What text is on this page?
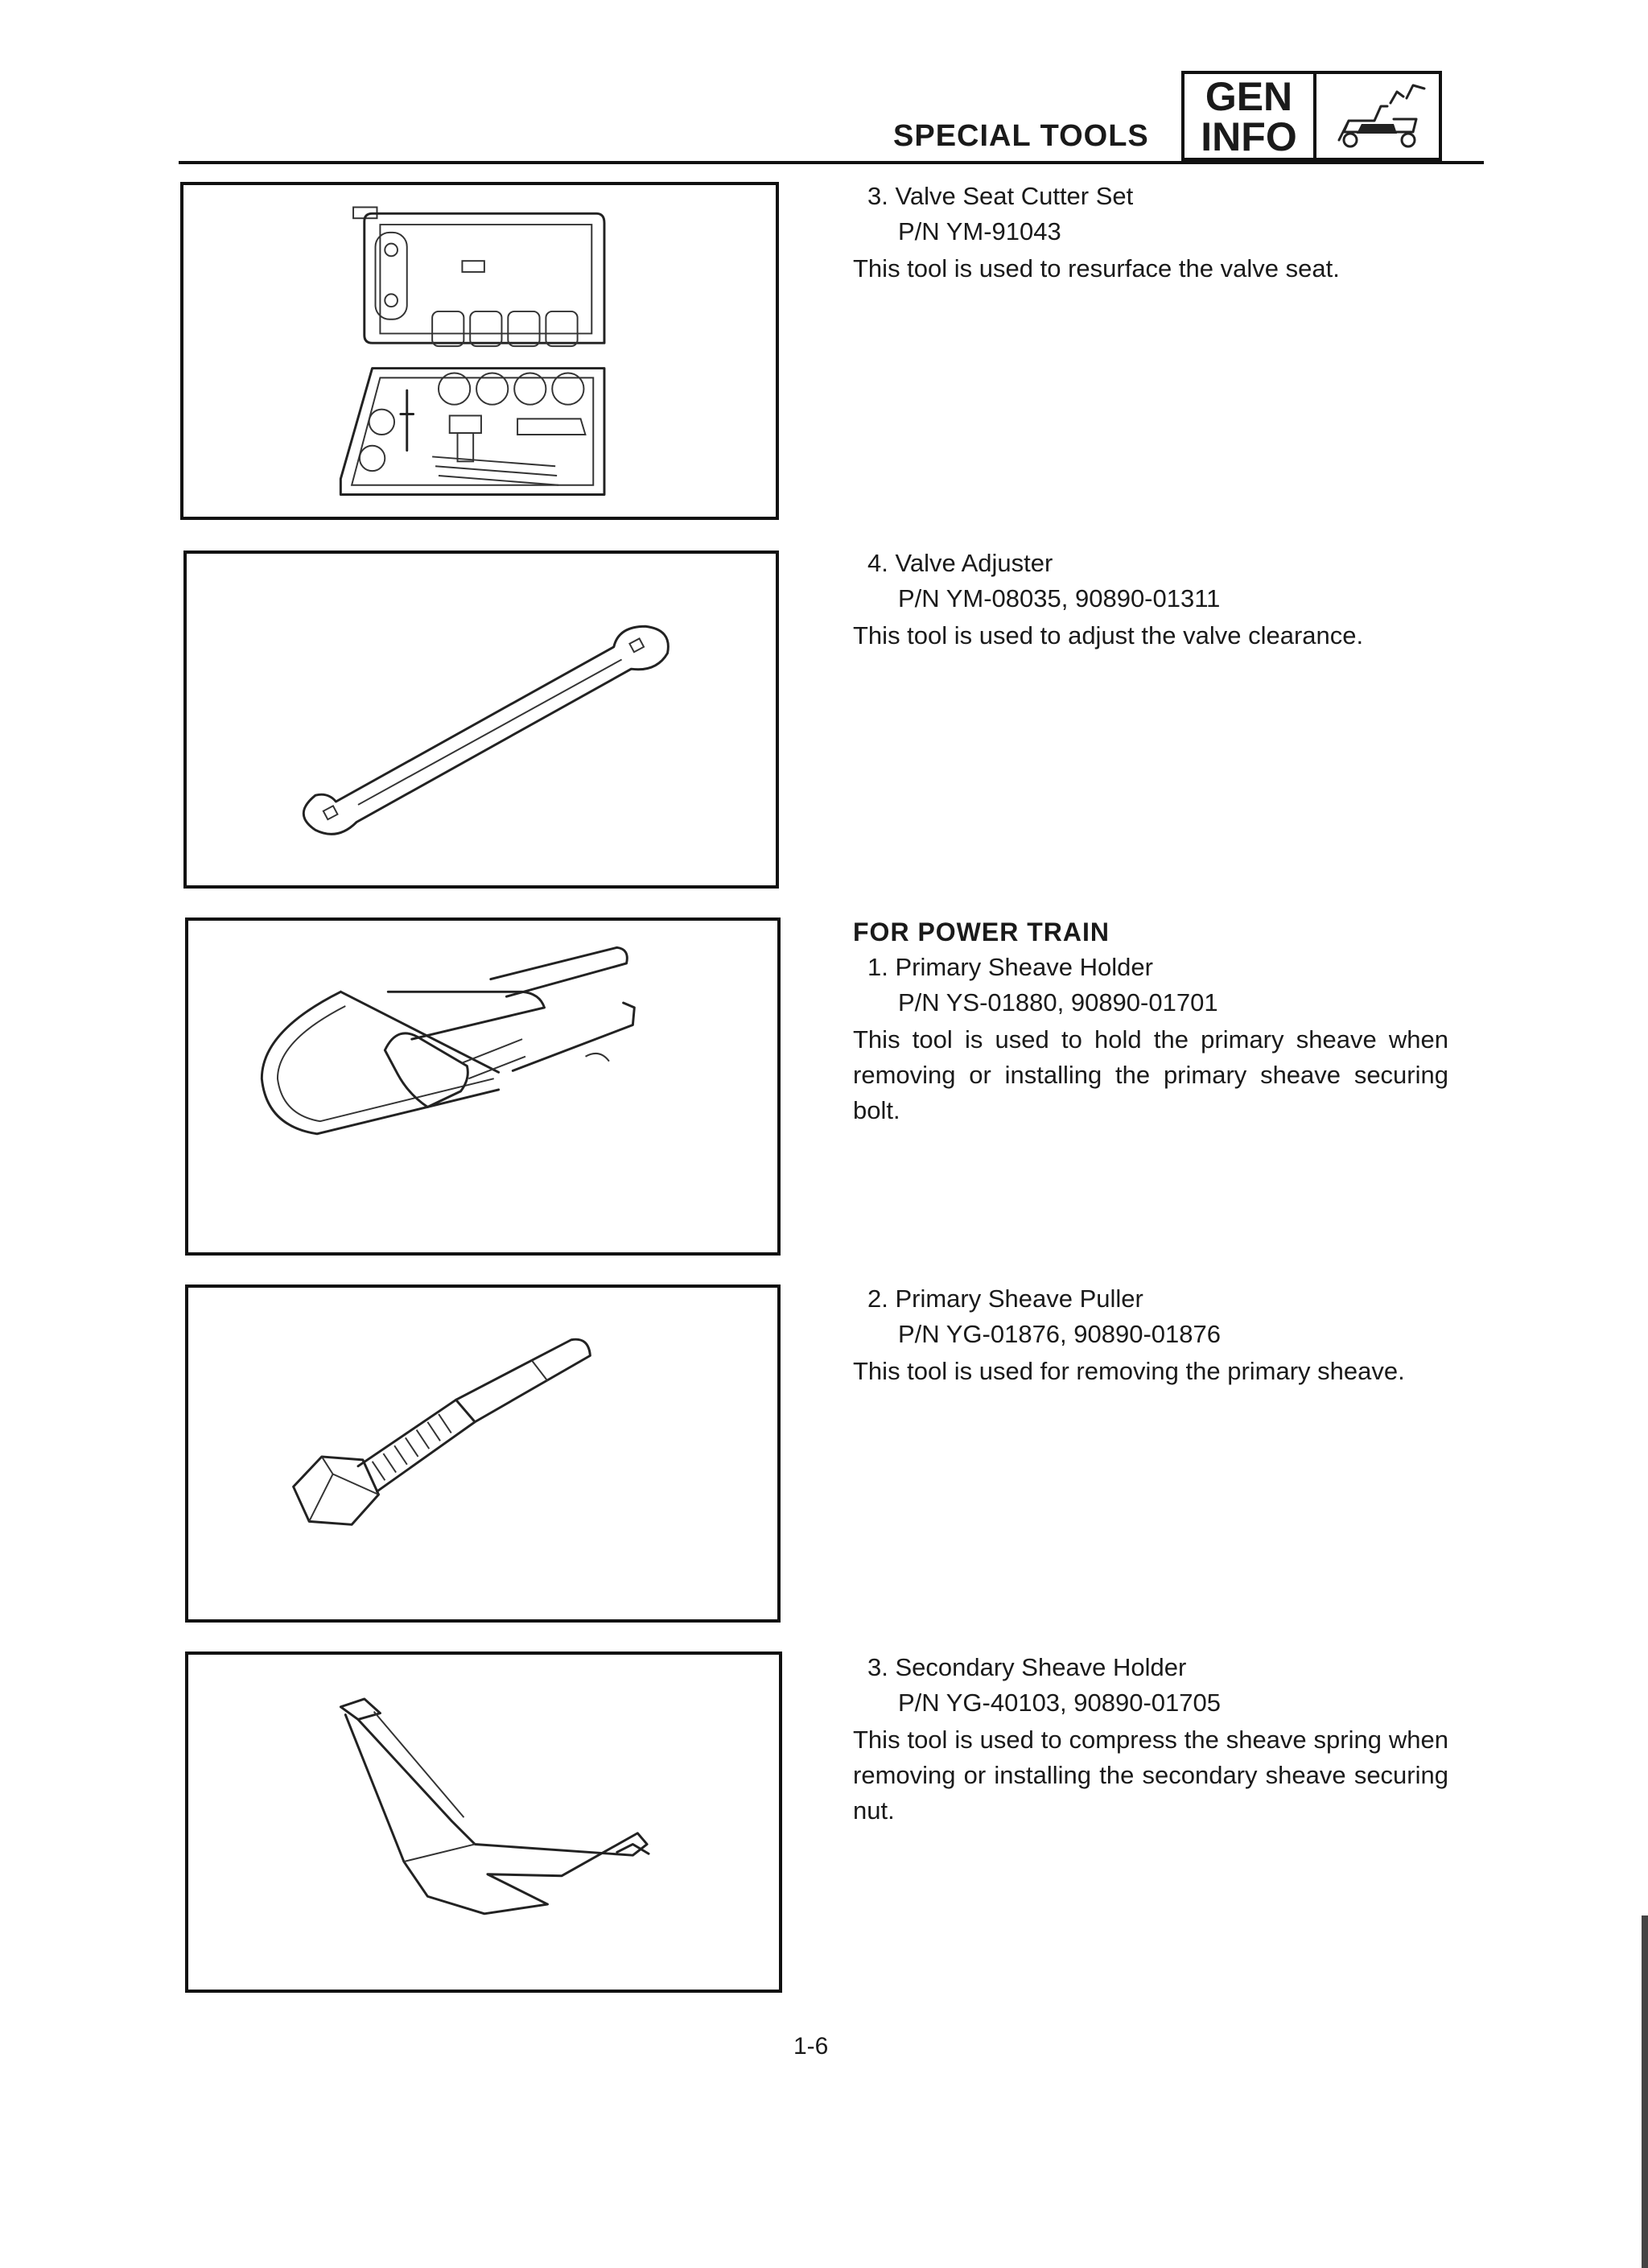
SPECIAL TOOLS
GEN
INFO
3. Valve Seat Cutter Set
P/N YM-91043
This tool is used to resurface the valve seat.
4. Valve Adjuster
P/N YM-08035, 90890-01311
This tool is used to adjust the valve clearance.
FOR POWER TRAIN
1. Primary Sheave Holder
P/N YS-01880, 90890-01701
This tool is used to hold the primary sheave when removing or installing the primary sheave securing bolt.
2. Primary Sheave Puller
P/N YG-01876, 90890-01876
This tool is used for removing the primary sheave.
3. Secondary Sheave Holder
P/N YG-40103, 90890-01705
This tool is used to compress the sheave spring when removing or installing the secondary sheave securing nut.
1-6
